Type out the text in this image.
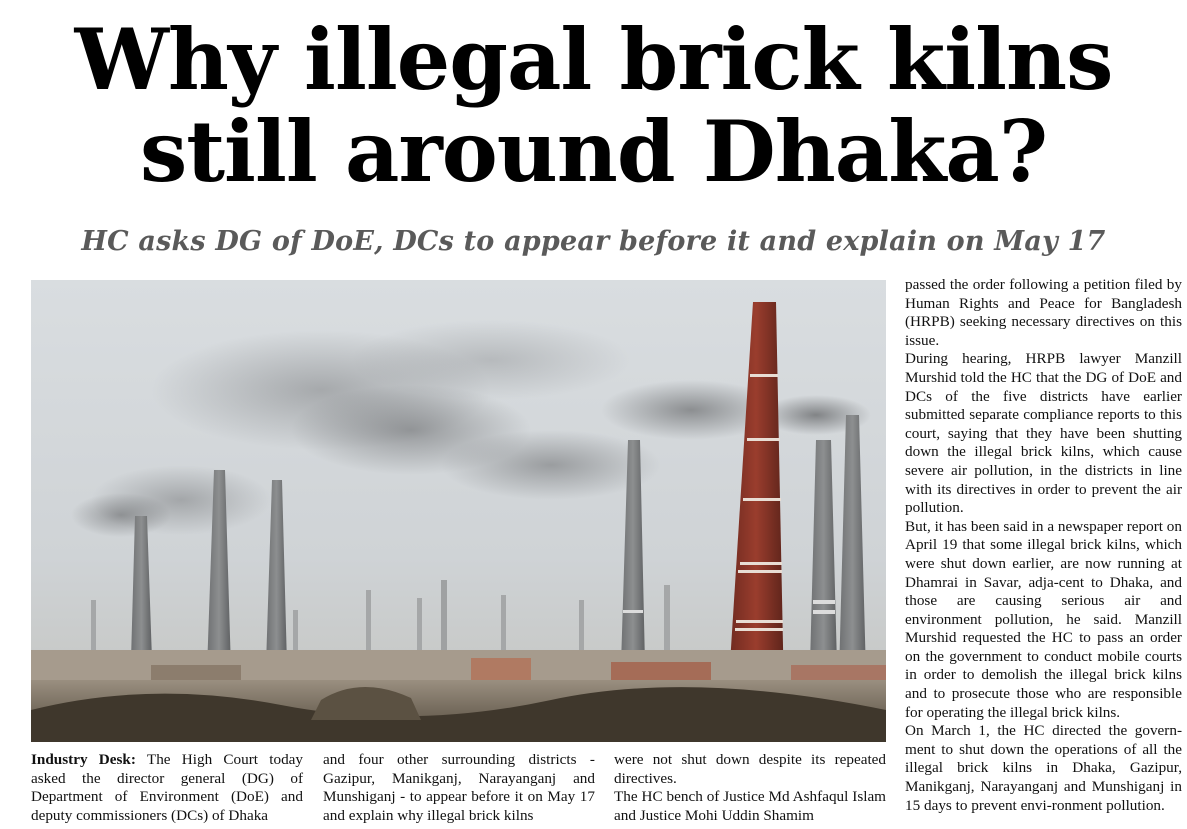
Why illegal brick kilns still around Dhaka?
HC asks DG of DoE, DCs to appear before it and explain on May 17

passed the order following a petition filed by Human Rights and Peace for Bangladesh (HRPB) seeking necessary directives on this issue.

During hearing, HRPB lawyer Manzill Murshid told the HC that the DG of DoE and DCs of the five districts have earlier submitted separate compliance reports to this court, saying that they have been shutting down the illegal brick kilns, which cause severe air pollution, in the districts in line with its directives in order to prevent the air pollution.

But, it has been said in a newspaper report on April 19 that some illegal brick kilns, which were shut down earlier, are now running at Dhamrai in Savar, adja-cent to Dhaka, and those are causing serious air and environment pollution, he said. Manzill Murshid requested the HC to pass an order on the government to conduct mobile courts in order to demolish the illegal brick kilns and to prosecute those who are responsible for operating the illegal brick kilns.

On March 1, the HC directed the govern-ment to shut down the operations of all the illegal brick kilns in Dhaka, Gazipur, Manikganj, Narayanganj and Munshiganj in 15 days to prevent envi-ronment pollution.

Industry Desk: The High Court today asked the director general (DG) of Department of Environment (DoE) and deputy commissioners (DCs) of Dhaka

and four other surrounding districts - Gazipur, Manikganj, Narayanganj and Munshiganj - to appear before it on May 17 and explain why illegal brick kilns

were not shut down despite its repeated directives.
The HC bench of Justice Md Ashfaqul Islam and Justice Mohi Uddin Shamim
